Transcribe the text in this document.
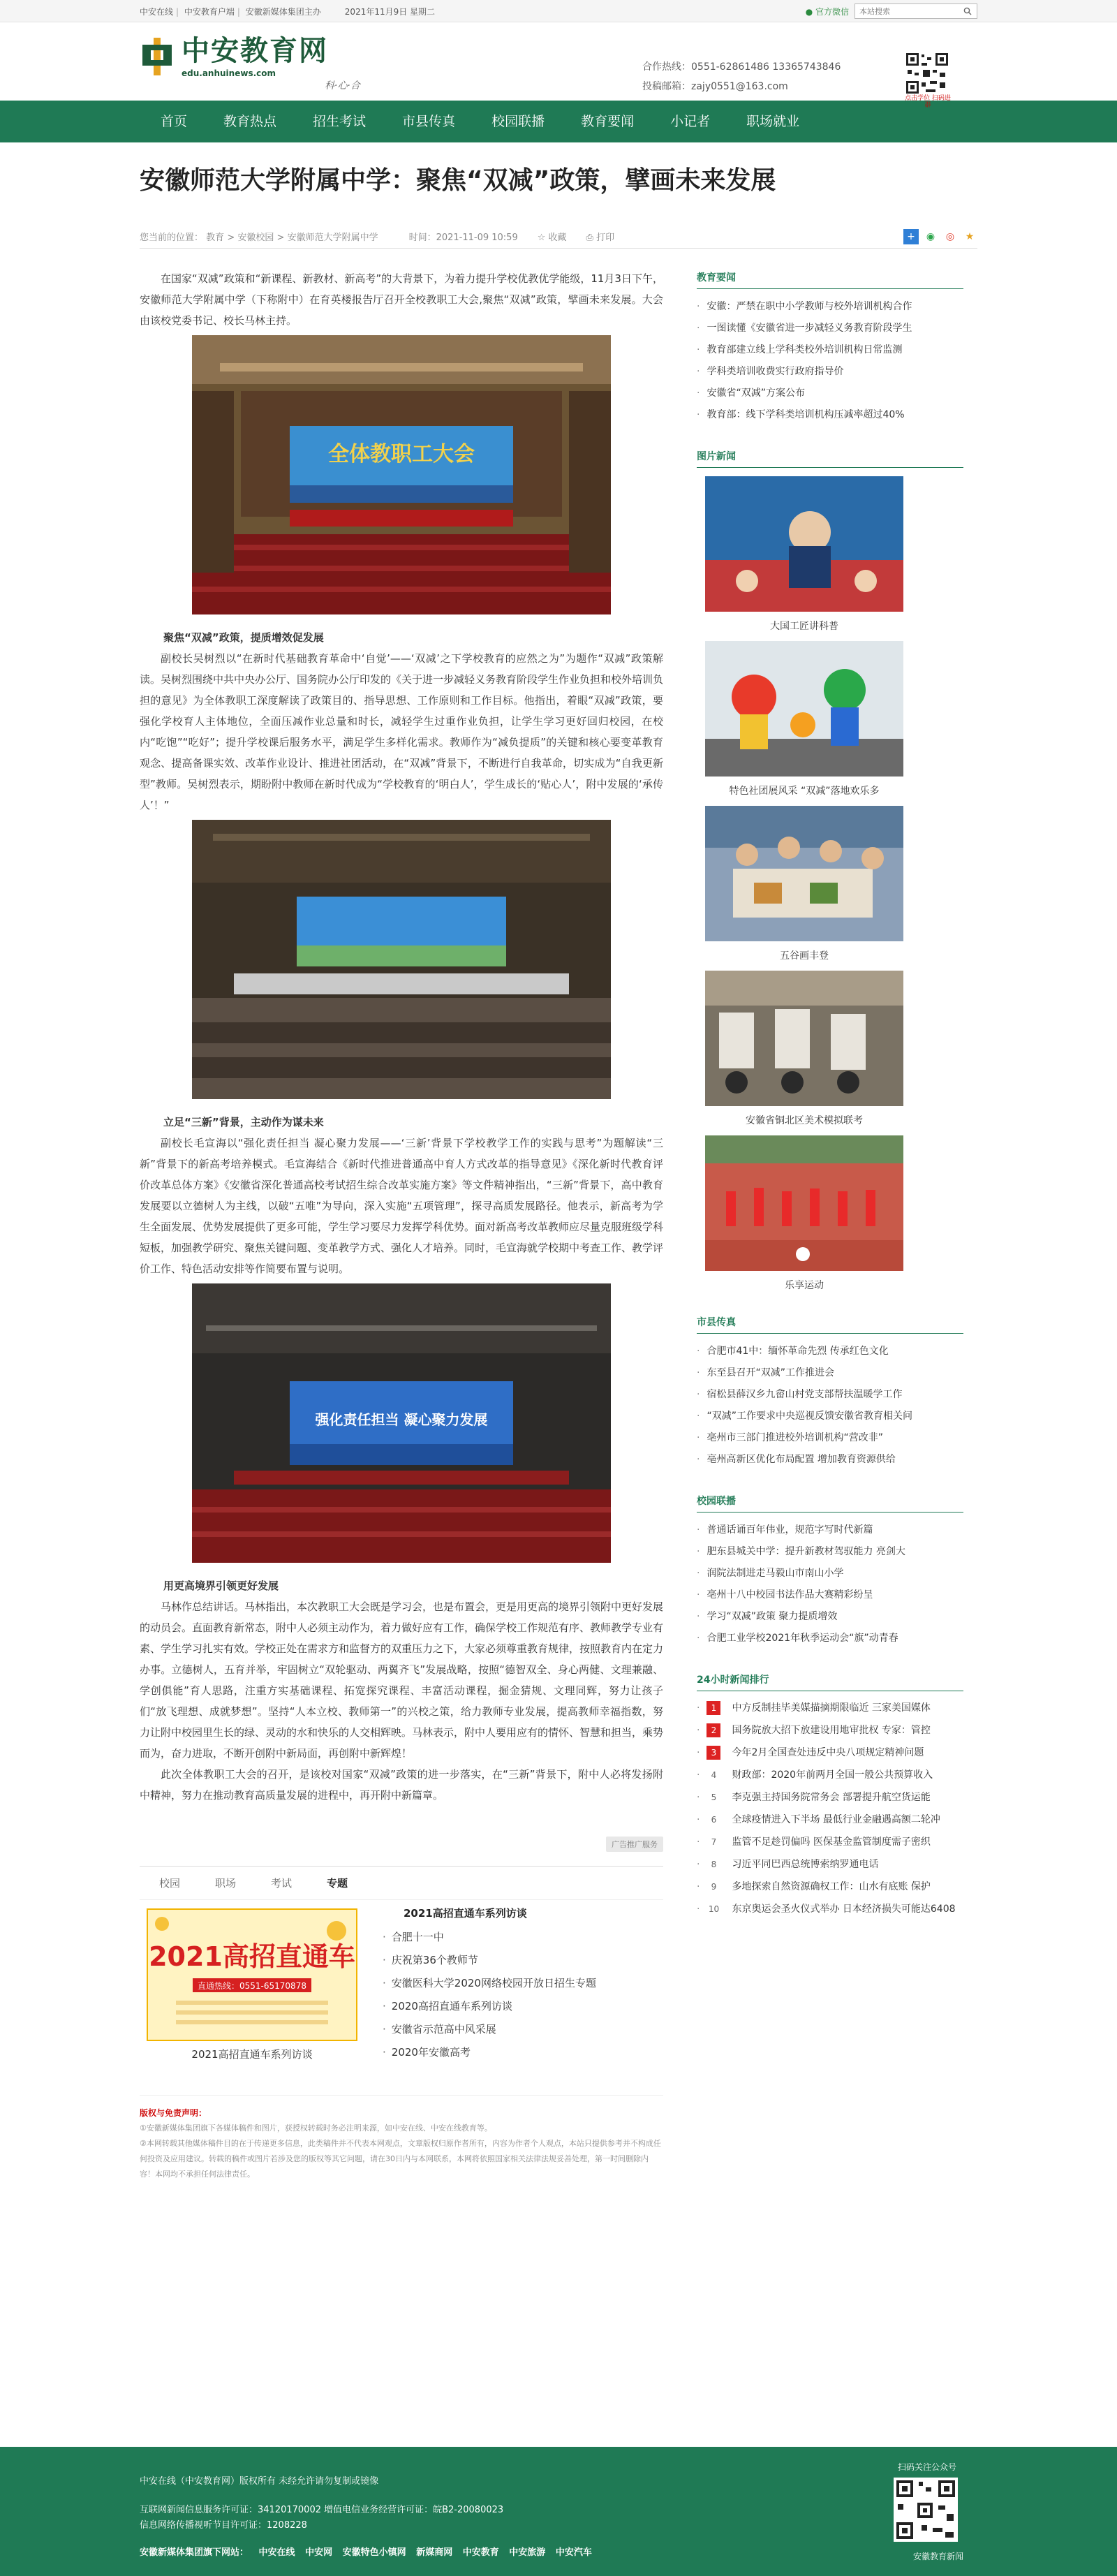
中安在线 | 中安教育户端 | 安徽新媒体集团主办	2021年11月9日 星期二	● 官方微信
本站搜索
中安教育网
edu.anhuinews.com
科·心·合
合作热线：0551-62861486 13365743846
投稿邮箱：zajy0551@163.com
点击学位 扫码进群
首页	教育热点	招生考试	市县传真	校园联播	教育要闻	小记者	职场就业
安徽师范大学附属中学：聚焦“双减”政策，擘画未来发展
您当前的位置： 教育 > 安徽校园 > 安徽师范大学附属中学	时间：2021-11-09 10:59 ☆ 收藏 ⎙ 打印	+	◉	◎	★

在国家“双减”政策和“新课程、新教材、新高考”的大背景下，为着力提升学校优教优学能级，11月3日下午，安徽师范大学附属中学（下称附中）在育英楼报告厅召开全校教职工大会,聚焦“双减”政策，擘画未来发展。大会由该校党委书记、校长马林主持。

全体教职工大会

聚焦“双减”政策，提质增效促发展

副校长吴树烈以“在新时代基础教育革命中‘自觉’——‘双减’之下学校教育的应然之为”为题作“双减”政策解读。吴树烈围绕中共中央办公厅、国务院办公厅印发的《关于进一步减轻义务教育阶段学生作业负担和校外培训负担的意见》为全体教职工深度解读了政策目的、指导思想、工作原则和工作目标。他指出，着眼“双减”政策，要强化学校育人主体地位，全面压减作业总量和时长，减轻学生过重作业负担，让学生学习更好回归校园，在校内“吃饱”“吃好”；提升学校课后服务水平，满足学生多样化需求。教师作为“减负提质”的关键和核心要变革教育观念、提高备课实效、改革作业设计、推进社团活动，在“双减”背景下，不断进行自我革命，切实成为“自我更新型”教师。吴树烈表示，期盼附中教师在新时代成为“学校教育的‘明白人’，学生成长的‘贴心人’，附中发展的‘承传人’！”

立足“三新”背景，主动作为谋未来

副校长毛宣海以“强化责任担当 凝心聚力发展——‘三新’背景下学校教学工作的实践与思考”为题解读“三新”背景下的新高考培养模式。毛宣海结合《新时代推进普通高中育人方式改革的指导意见》《深化新时代教育评价改革总体方案》《安徽省深化普通高校考试招生综合改革实施方案》等文件精神指出，“三新”背景下，高中教育发展要以立德树人为主线，以破“五唯”为导向，深入实施“五项管理”，探寻高质发展路径。他表示，新高考为学生全面发展、优势发展提供了更多可能，学生学习要尽力发挥学科优势。面对新高考改革教师应尽量克服班级学科短板，加强教学研究、聚焦关键问题、变革教学方式、强化人才培养。同时，毛宣海就学校期中考查工作、教学评价工作、特色活动安排等作简要布置与说明。

强化责任担当 凝心聚力发展

用更高境界引领更好发展

马林作总结讲话。马林指出，本次教职工大会既是学习会，也是布置会，更是用更高的境界引领附中更好发展的动员会。直面教育新常态，附中人必须主动作为，着力做好应有工作，确保学校工作规范有序、教师教学专业有素、学生学习扎实有效。学校正处在需求方和监督方的双重压力之下，大家必须尊重教育规律，按照教育内在定力办事。立德树人，五育并举，牢固树立“双轮驱动、两翼齐飞”发展战略，按照“德智双全、身心两健、文理兼融、学创俱能”育人思路，注重方实基础课程、拓宽探究课程、丰富活动课程，掘金猜规、文理同辉，努力让孩子们“放飞理想、成就梦想”。坚持“人本立校、教师第一”的兴校之策，给力教师专业发展，提高教师幸福指数，努力让附中校园里生长的绿、灵动的水和快乐的人交相辉映。马林表示，附中人要用应有的情怀、智慧和担当，乘势而为，奋力进取，不断开创附中新局面，再创附中新辉煌！

此次全体教职工大会的召开，是该校对国家“双减”政策的进一步落实，在“三新”背景下，附中人必将发扬附中精神，努力在推动教育高质量发展的进程中，再开附中新篇章。

广告推广服务
校园	职场	考试	专题
2021高招直通车
直通热线：0551-65170878
2021高招直通车系列访谈
2021高招直通车系列访谈
· 合肥十一中
· 庆祝第36个教师节
· 安徽医科大学2020网络校园开放日招生专题
· 2020高招直通车系列访谈
· 安徽省示范高中风采展
· 2020年安徽高考
版权与免责声明：
①安徽新媒体集团旗下各媒体稿件和图片，获授权转载时务必注明来源，如中安在线、中安在线教育等。
②本网转载其他媒体稿件目的在于传递更多信息，此类稿件并不代表本网观点，文章版权归原作者所有，内容为作者个人观点，本站只提供参考并不构成任何投资及应用建议。转载的稿件或图片若涉及您的版权等其它问题，请在30日内与本网联系，本网将依照国家相关法律法规妥善处理，第一时间删除内容！本网均不承担任何法律责任。
教育要闻
· 安徽：严禁在职中小学教师与校外培训机构合作
· 一图读懂《安徽省进一步减轻义务教育阶段学生
· 教育部建立线上学科类校外培训机构日常监测
· 学科类培训收费实行政府指导价
· 安徽省“双减”方案公布
· 教育部：线下学科类培训机构压减率超过40%
图片新闻
大国工匠讲科普
特色社团展风采 “双减”落地欢乐多
五谷画丰登
安徽省铜北区美术模拟联考
乐享运动
市县传真
· 合肥市41中：缅怀革命先烈 传承红色文化
· 东至县召开“双减”工作推进会
· 宿松县薛汉乡九畲山村党支部帮扶温暖学工作
· “双减”工作要求中央巡视反馈安徽省教育相关问
· 亳州市三部门推进校外培训机构“营改非”
· 亳州高新区优化布局配置 增加教育资源供给
校园联播
· 普通话诵百年伟业，规范字写时代新篇
· 肥东县城关中学：提升新教材驾驭能力 亮剑大
· 润院法制进走马毅山市南山小学
· 亳州十八中校园书法作品大赛精彩纷呈
· 学习“双减”政策 聚力提质增效
· 合肥工业学校2021年秋季运动会“旗”动青春
24小时新闻排行
· 1	中方反制挂毕美媒描摘期限临近 三家美国媒体
· 2	国务院放大招下放建设用地审批权 专家：管控
· 3	今年2月全国查处违反中央八项规定精神问题
· 4	财政部：2020年前两月全国一般公共预算收入
· 5	李克强主持国务院常务会 部署提升航空货运能
· 6	全球疫情进入下半场 最低行业金融遇高额二轮冲
· 7	监管不足趁罚偏吗 医保基金监管制度需子密织
· 8	习近平同巴西总统博索纳罗通电话
· 9	多地探索自然资源确权工作：山水有底账 保护
· 10 东京奥运会圣火仪式举办 日本经济损失可能达6408
中安在线（中安教育网）版权所有 未经允许请勿复制或镜像
互联网新闻信息服务许可证：34120170002 增值电信业务经营许可证：皖B2-20080023
信息网络传播视听节目许可证：1208228
安徽新媒体集团旗下网站： 中安在线 中安网 安徽特色小镇网 新媒商网 中安教育 中安旅游 中安汽车
扫码关注公众号
安徽教育新闻
